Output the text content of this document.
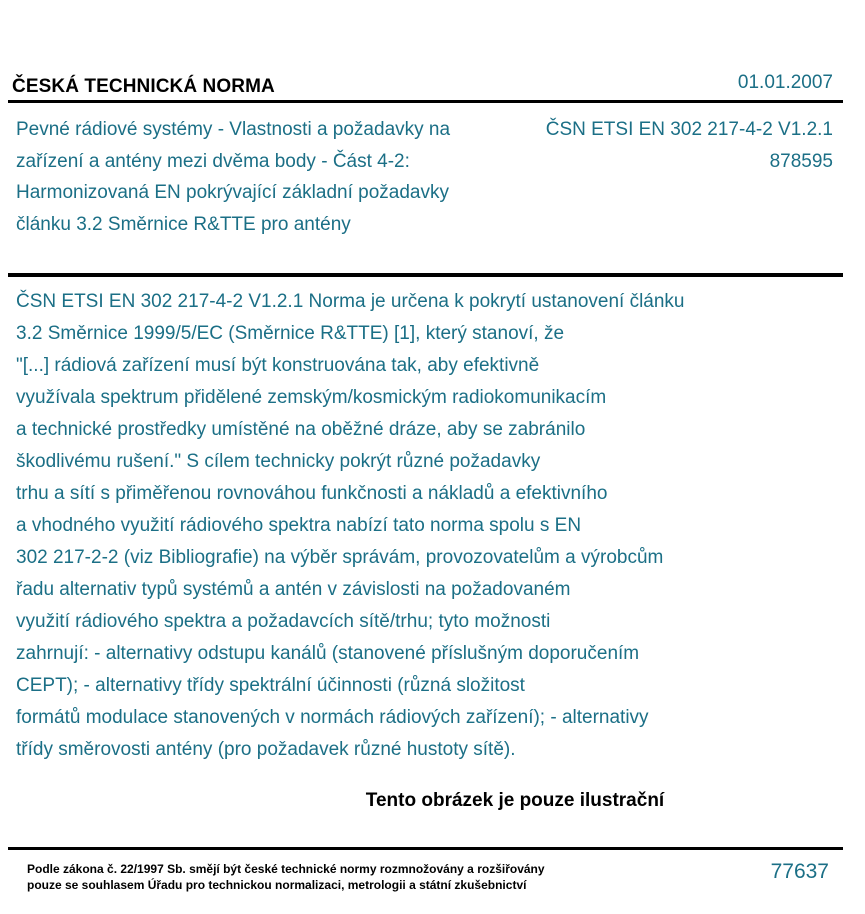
ČESKÁ TECHNICKÁ NORMA	01.01.2007
Pevné rádiové systémy - Vlastnosti a požadavky na
zařízení a antény mezi dvěma body - Část 4-2:
Harmonizovaná EN pokrývající základní požadavky
článku 3.2 Směrnice R&TTE pro antény
ČSN ETSI EN 302 217-4-2 V1.2.1
878595
ČSN ETSI EN 302 217-4-2 V1.2.1 Norma je určena k pokrytí ustanovení článku
3.2 Směrnice 1999/5/EC (Směrnice R&TTE) [1], který stanoví, že
"[...] rádiová zařízení musí být konstruována tak, aby efektivně
využívala spektrum přidělené zemským/kosmickým radiokomunikacím
a technické prostředky umístěné na oběžné dráze, aby se zabránilo
škodlivému rušení." S cílem technicky pokrýt různé požadavky
trhu a sítí s přiměřenou rovnováhou funkčnosti a nákladů a efektivního
a vhodného využití rádiového spektra nabízí tato norma spolu s EN
302 217-2-2 (viz Bibliografie) na výběr správám, provozovatelům a výrobcům
řadu alternativ typů systémů a antén v závislosti na požadovaném
využití rádiového spektra a požadavcích sítě/trhu; tyto možnosti
zahrnují: - alternativy odstupu kanálů (stanovené příslušným doporučením
CEPT); - alternativy třídy spektrální účinnosti (různá složitost
formátů modulace stanovených v normách rádiových zařízení); - alternativy
třídy směrovosti antény (pro požadavek různé hustoty sítě).
Tento obrázek je pouze ilustrační
Podle zákona č. 22/1997 Sb. smějí být české technické normy rozmnožovány a rozšiřovány
pouze se souhlasem Úřadu pro technickou normalizaci, metrologii a státní zkušebnictví
77637
